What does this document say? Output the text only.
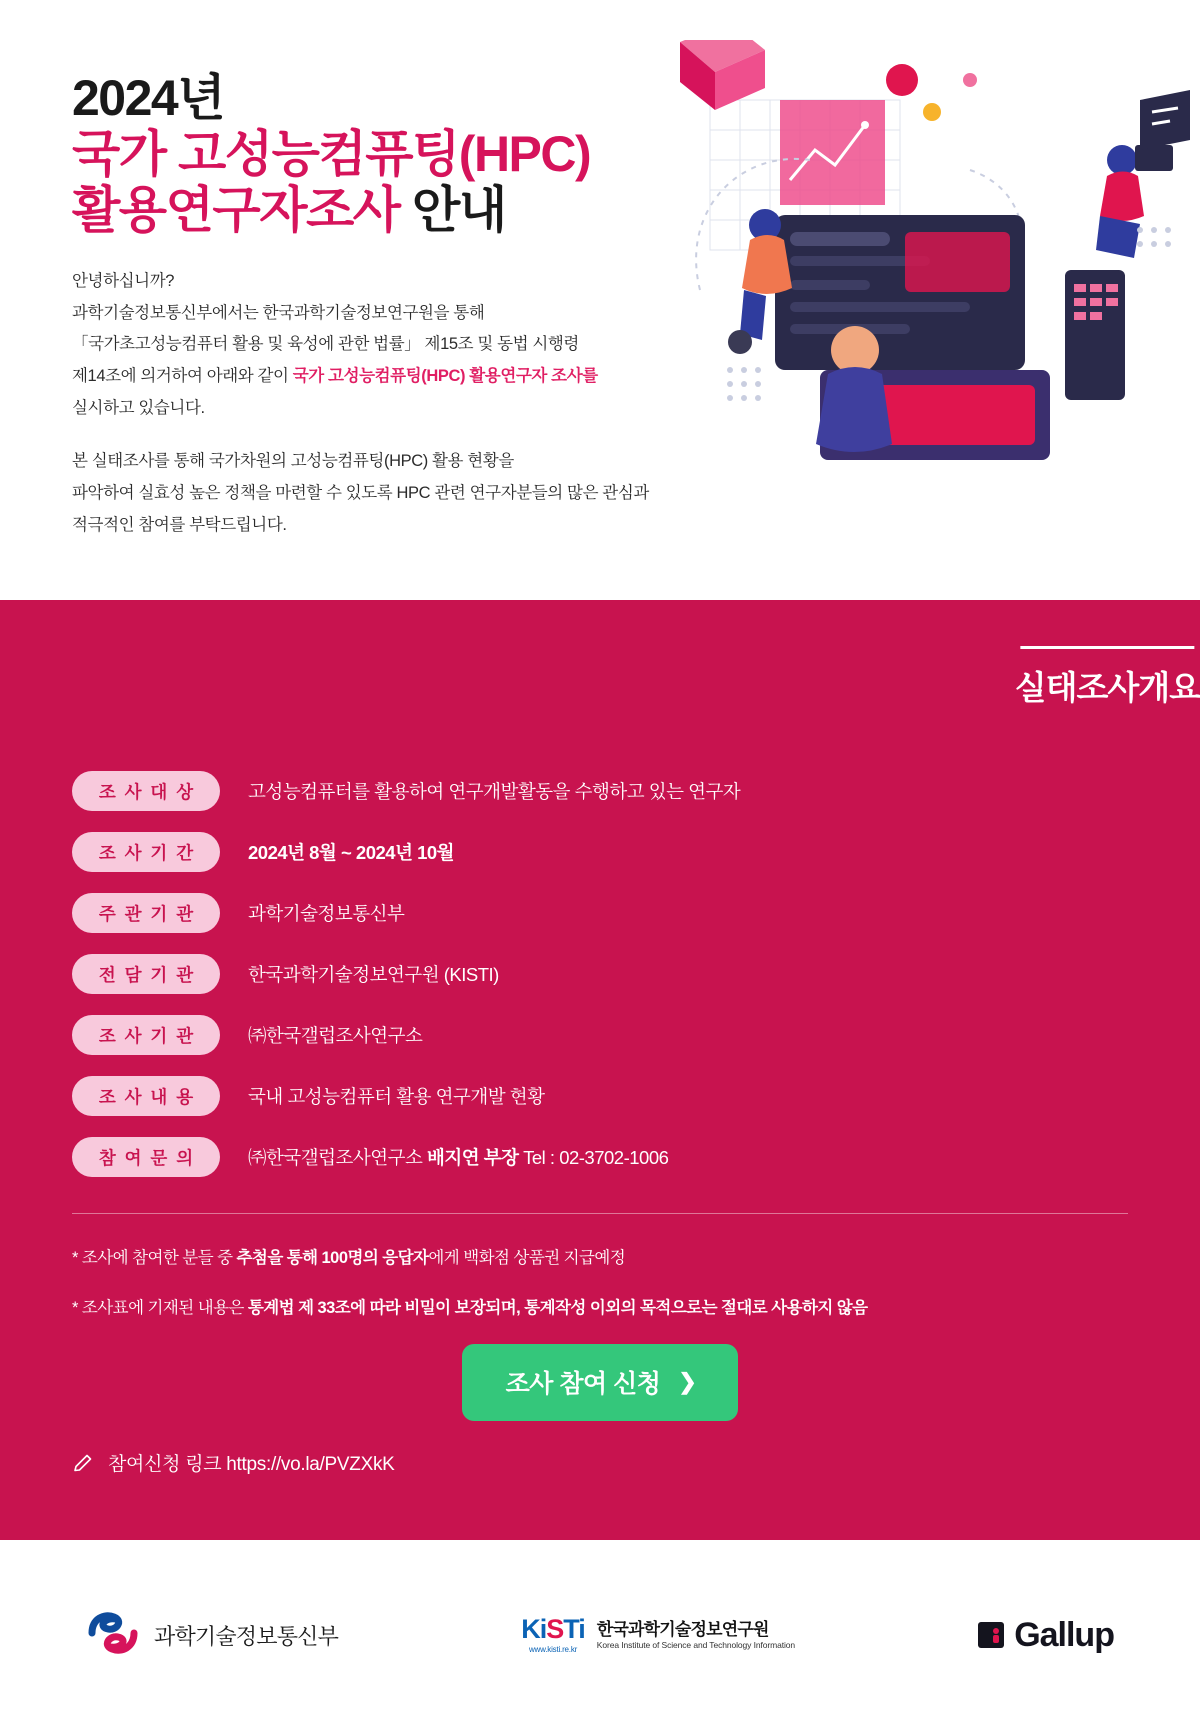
2024년
국가 고성능컴퓨팅(HPC)
활용연구자조사 안내
안녕하십니까?
과학기술정보통신부에서는 한국과학기술정보연구원을 통해
「국가초고성능컴퓨터 활용 및 육성에 관한 법률」 제15조 및 동법 시행령
제14조에 의거하여 아래와 같이 국가 고성능컴퓨팅(HPC) 활용연구자 조사를
실시하고 있습니다.
본 실태조사를 통해 국가차원의 고성능컴퓨팅(HPC) 활용 현황을
파악하여 실효성 높은 정책을 마련할 수 있도록 HPC 관련 연구자분들의 많은 관심과
적극적인 참여를 부탁드립니다.
실태조사개요
조 사 대 상	고성능컴퓨터를 활용하여 연구개발활동을 수행하고 있는 연구자
조 사 기 간	2024년 8월 ~ 2024년 10월
주 관 기 관	과학기술정보통신부
전 담 기 관	한국과학기술정보연구원 (KISTI)
조 사 기 관	㈜한국갤럽조사연구소
조 사 내 용	국내 고성능컴퓨터 활용 연구개발 현황
참 여 문 의	㈜한국갤럽조사연구소 배지연 부장 Tel : 02-3702-1006
* 조사에 참여한 분들 중 추첨을 통해 100명의 응답자에게 백화점 상품권 지급예정
* 조사표에 기재된 내용은 통계법 제 33조에 따라 비밀이 보장되며, 통계작성 이외의 목적으로는 절대로 사용하지 않음
조사 참여 신청 ❯
참여신청 링크 https://vo.la/PVZXkK
과학기술정보통신부	KiSTi
www.kisti.re.kr
한국과학기술정보연구원
Korea Institute of Science and Technology Information	Gallup
